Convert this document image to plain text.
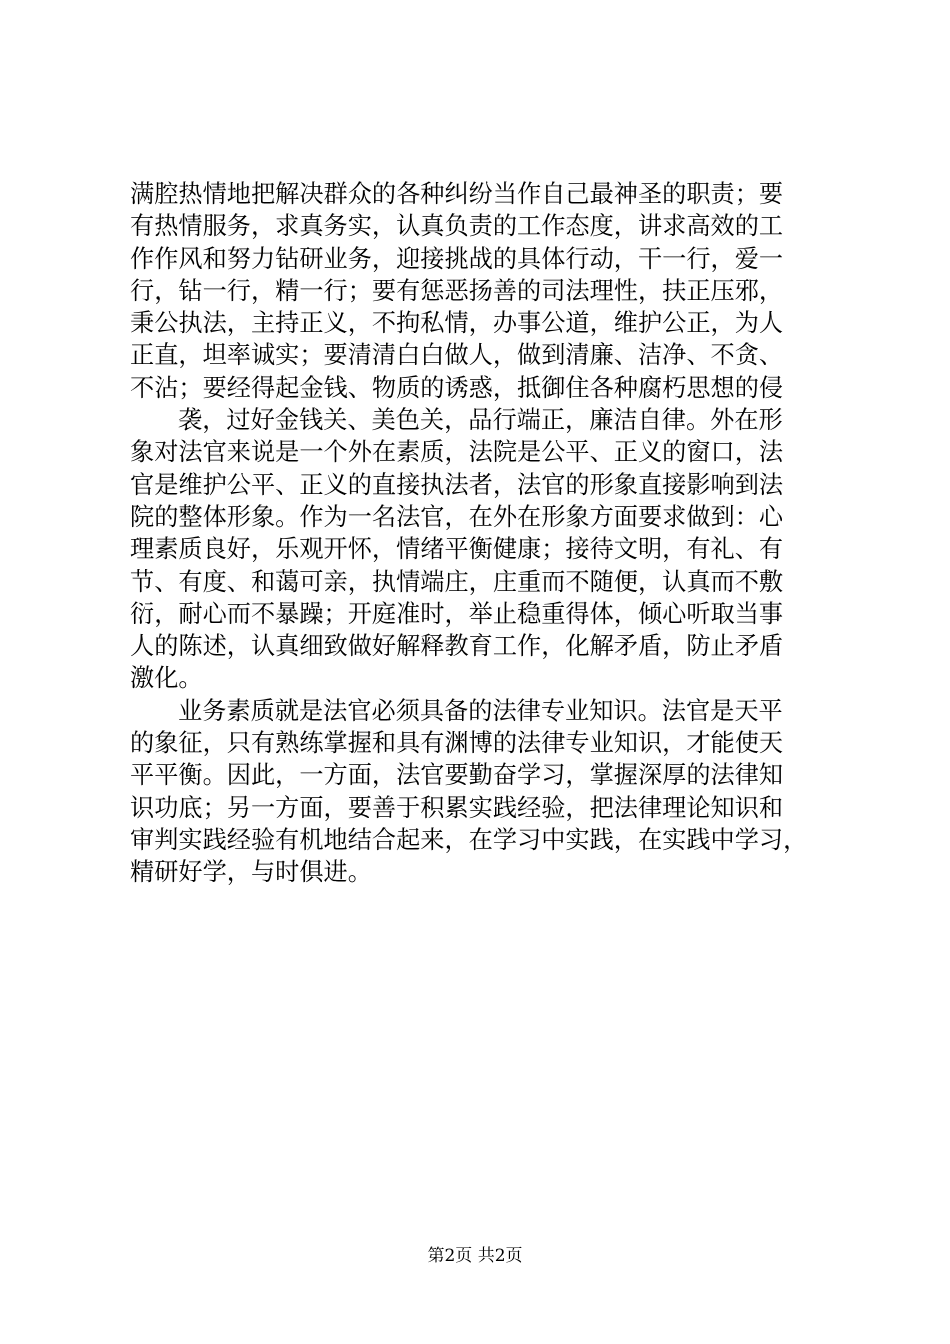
满腔热情地把解决群众的各种纠纷当作自己最神圣的职责；要
有热情服务，求真务实，认真负责的工作态度，讲求高效的工
作作风和努力钻研业务，迎接挑战的具体行动，干一行，爱一
行，钻一行，精一行；要有惩恶扬善的司法理性，扶正压邪，
秉公执法，主持正义，不拘私情，办事公道，维护公正，为人
正直，坦率诚实；要清清白白做人，做到清廉、洁净、不贪、
不沾；要经得起金钱、物质的诱惑，抵御住各种腐朽思想的侵
袭，过好金钱关、美色关，品行端正，廉洁自律。外在形
象对法官来说是一个外在素质，法院是公平、正义的窗口，法
官是维护公平、正义的直接执法者，法官的形象直接影响到法
院的整体形象。作为一名法官，在外在形象方面要求做到：心
理素质良好，乐观开怀，情绪平衡健康；接待文明，有礼、有
节、有度、和蔼可亲，执情端庄，庄重而不随便，认真而不敷
衍，耐心而不暴躁；开庭准时，举止稳重得体，倾心听取当事
人的陈述，认真细致做好解释教育工作，化解矛盾，防止矛盾
激化。
业务素质就是法官必须具备的法律专业知识。法官是天平
的象征，只有熟练掌握和具有渊博的法律专业知识，才能使天
平平衡。因此，一方面，法官要勤奋学习，掌握深厚的法律知
识功底；另一方面，要善于积累实践经验，把法律理论知识和
审判实践经验有机地结合起来，在学习中实践，在实践中学习，
精研好学，与时俱进。
第2页 共2页
